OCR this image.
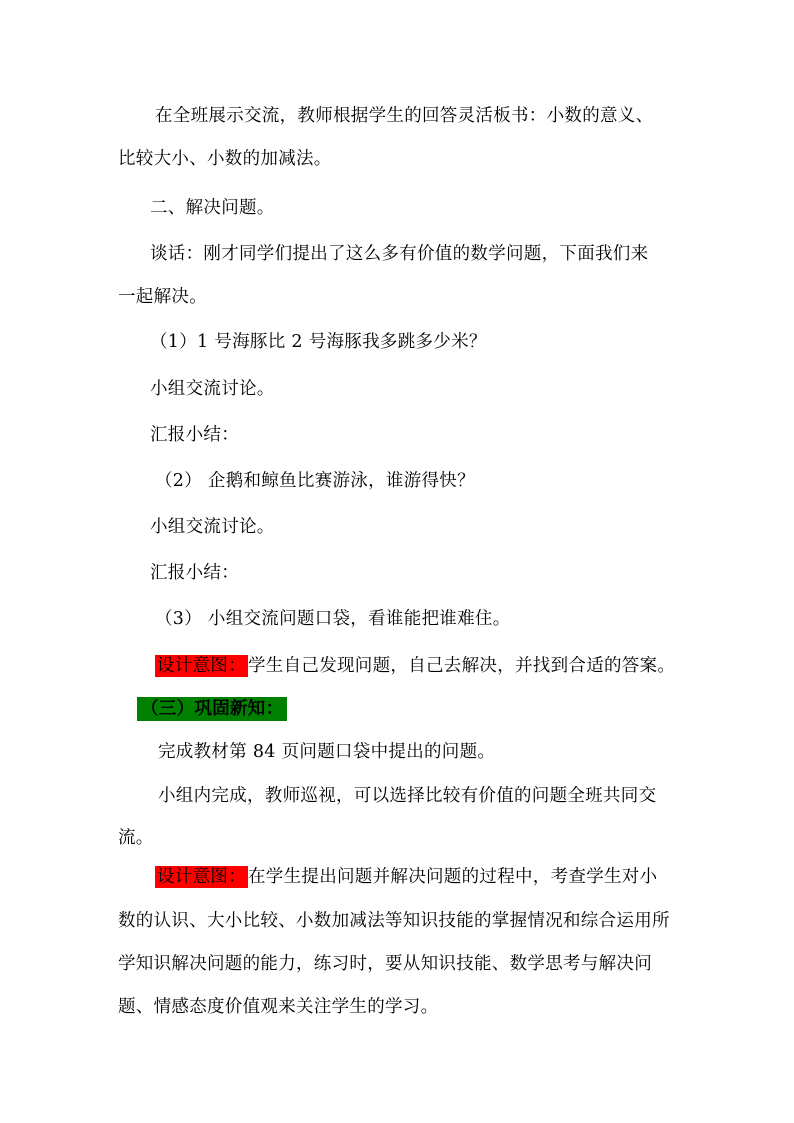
在全班展示交流，教师根据学生的回答灵活板书：小数的意义、
比较大小、小数的加减法。
二、解决问题。
谈话：刚才同学们提出了这么多有价值的数学问题，下面我们来
一起解决。
（1）1 号海豚比 2 号海豚我多跳多少米？
小组交流讨论。
汇报小结：
（2） 企鹅和鲸鱼比赛游泳，谁游得快？
小组交流讨论。
汇报小结：
（3） 小组交流问题口袋，看谁能把谁难住。
设计意图： 学生自己发现问题，自己去解决，并找到合适的答案。
（三）巩固新知：
完成教材第 84 页问题口袋中提出的问题。
小组内完成，教师巡视，可以选择比较有价值的问题全班共同交
流。
设计意图： 在学生提出问题并解决问题的过程中，考查学生对小
数的认识、大小比较、小数加减法等知识技能的掌握情况和综合运用所
学知识解决问题的能力，练习时，要从知识技能、数学思考与解决问
题、情感态度价值观来关注学生的学习。
